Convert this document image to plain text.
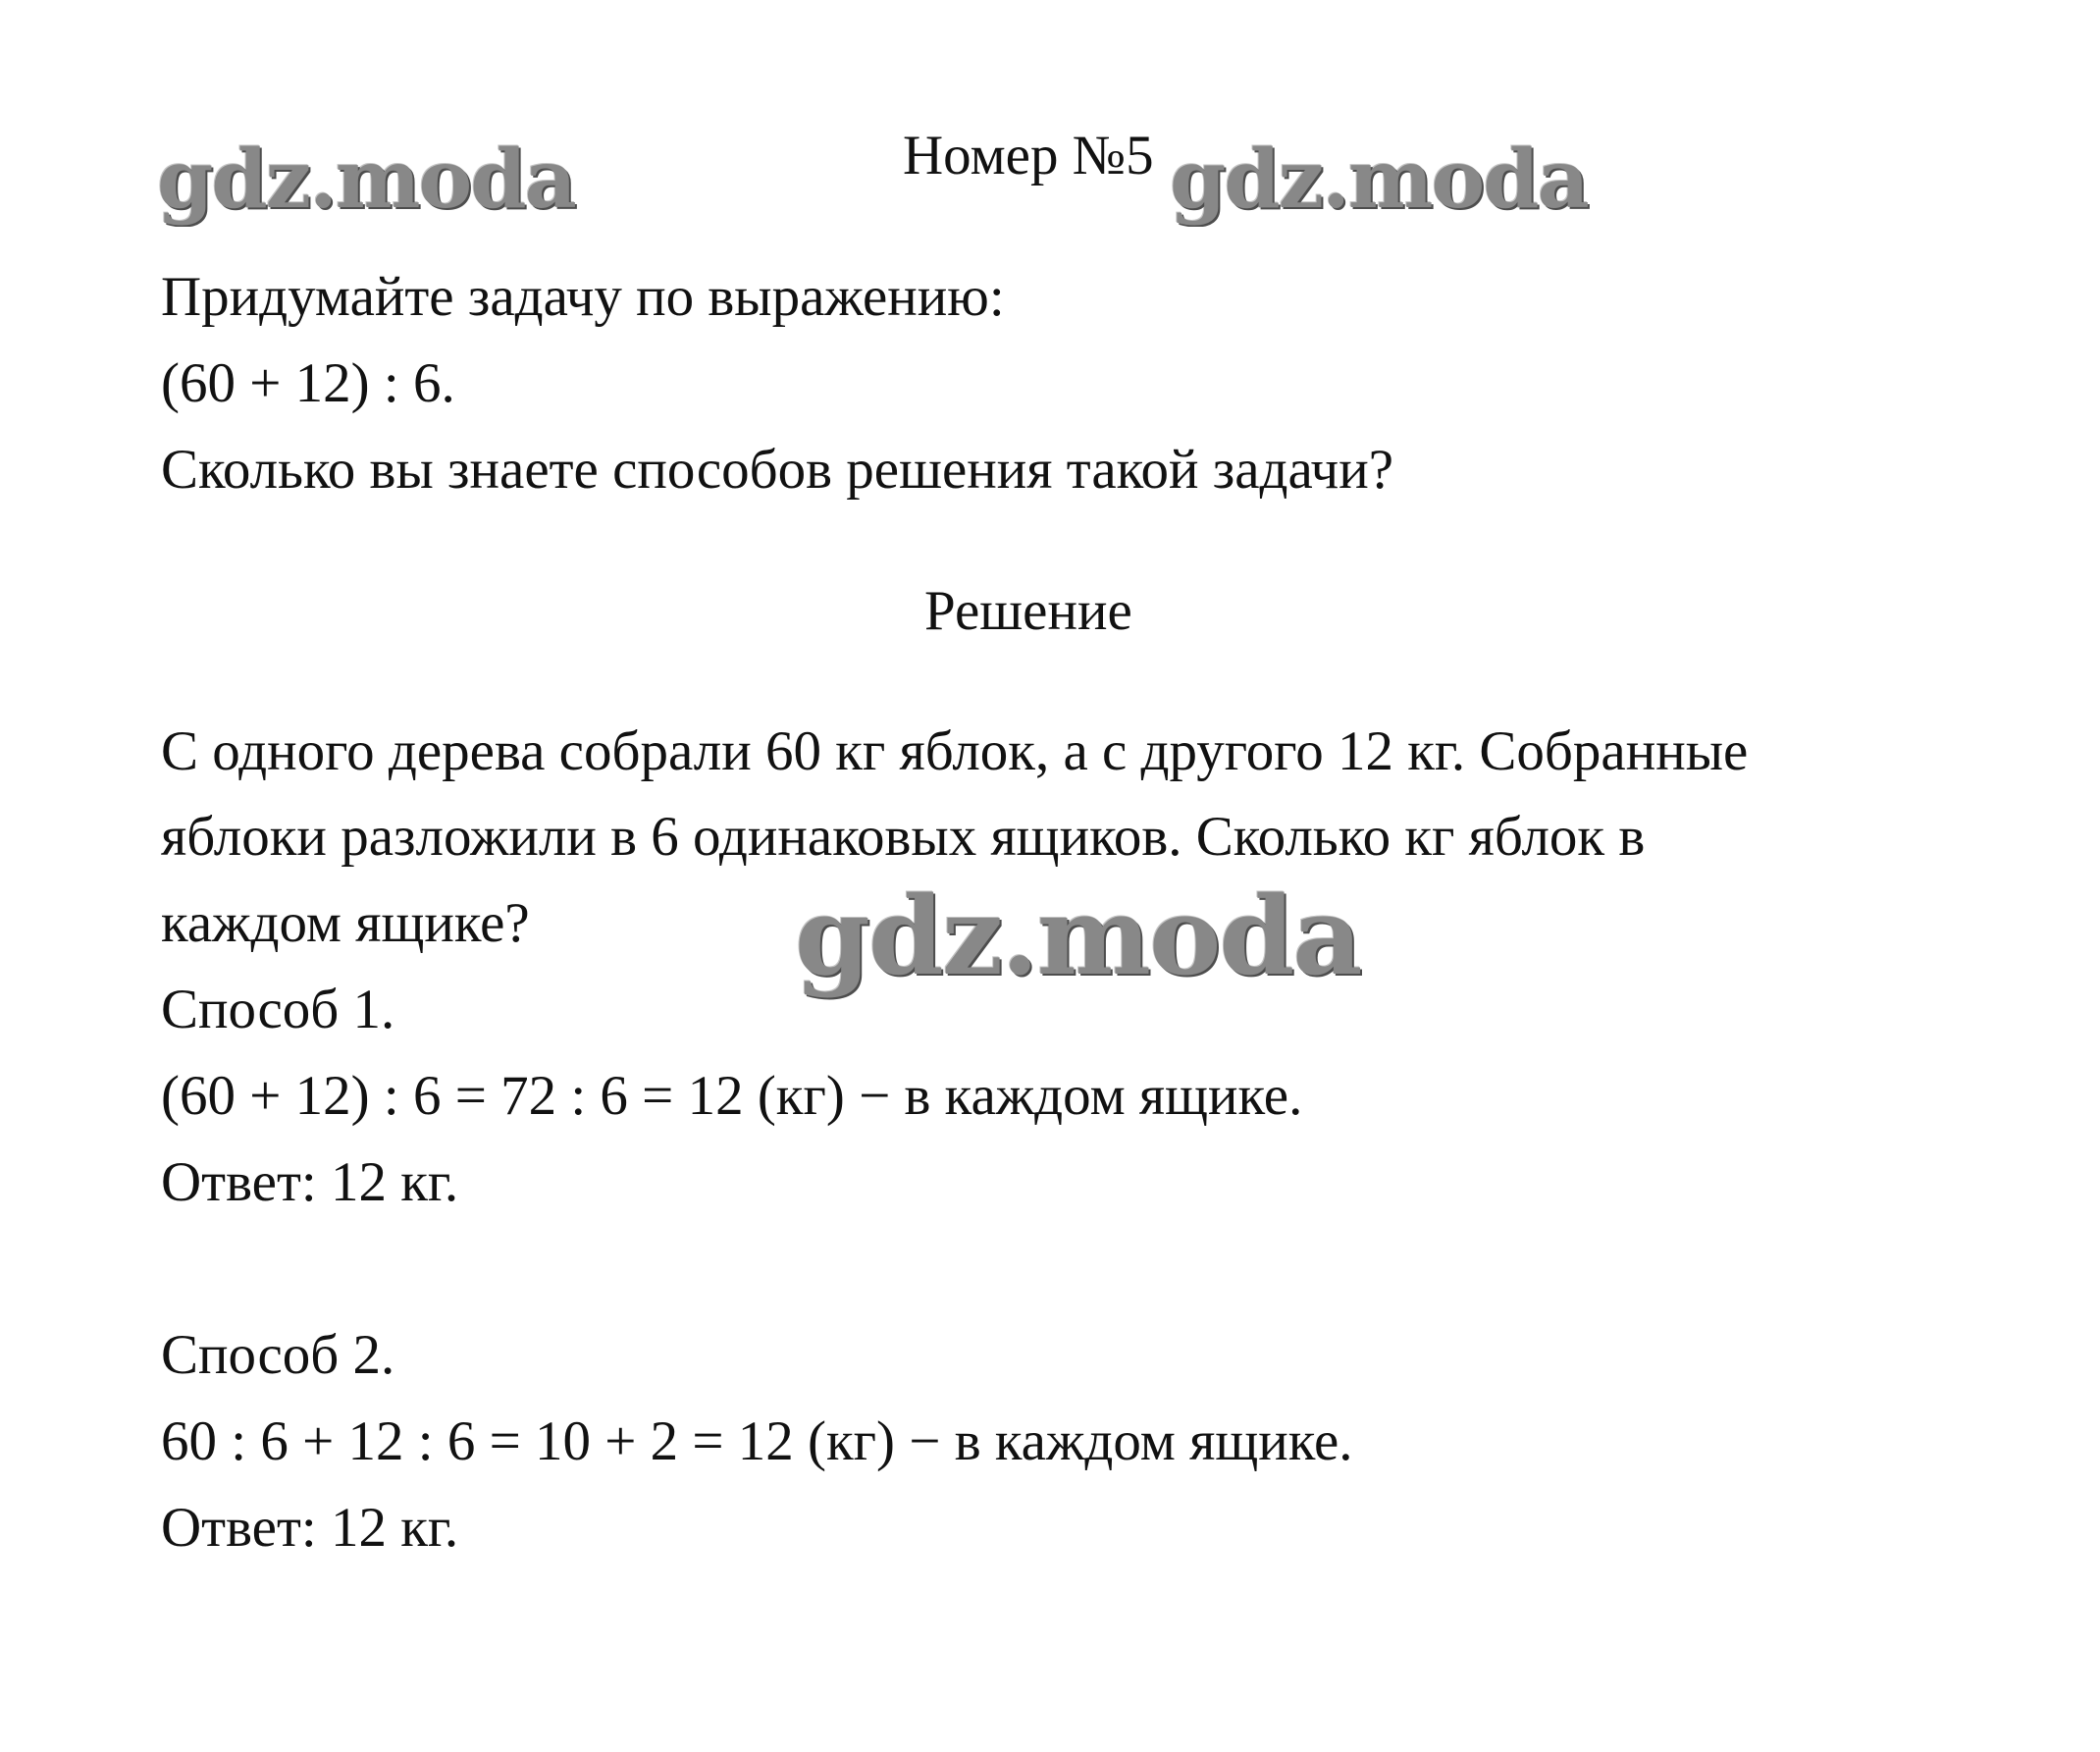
gdz.moda	gdz.moda
gdz.moda

Номер №5

Придумайте задачу по выражению:

(60 + 12) : 6.

Сколько вы знаете способов решения такой задачи?

Решение

С одного дерева собрали 60 кг яблок, а с другого 12 кг. Собранные

яблоки разложили в 6 одинаковых ящиков. Сколько кг яблок в

каждом ящике?

Способ 1.

(60 + 12) : 6 = 72 : 6 = 12 (кг) − в каждом ящике.

Ответ: 12 кг.

Способ 2.

60 : 6 + 12 : 6 = 10 + 2 = 12 (кг) − в каждом ящике.

Ответ: 12 кг.
